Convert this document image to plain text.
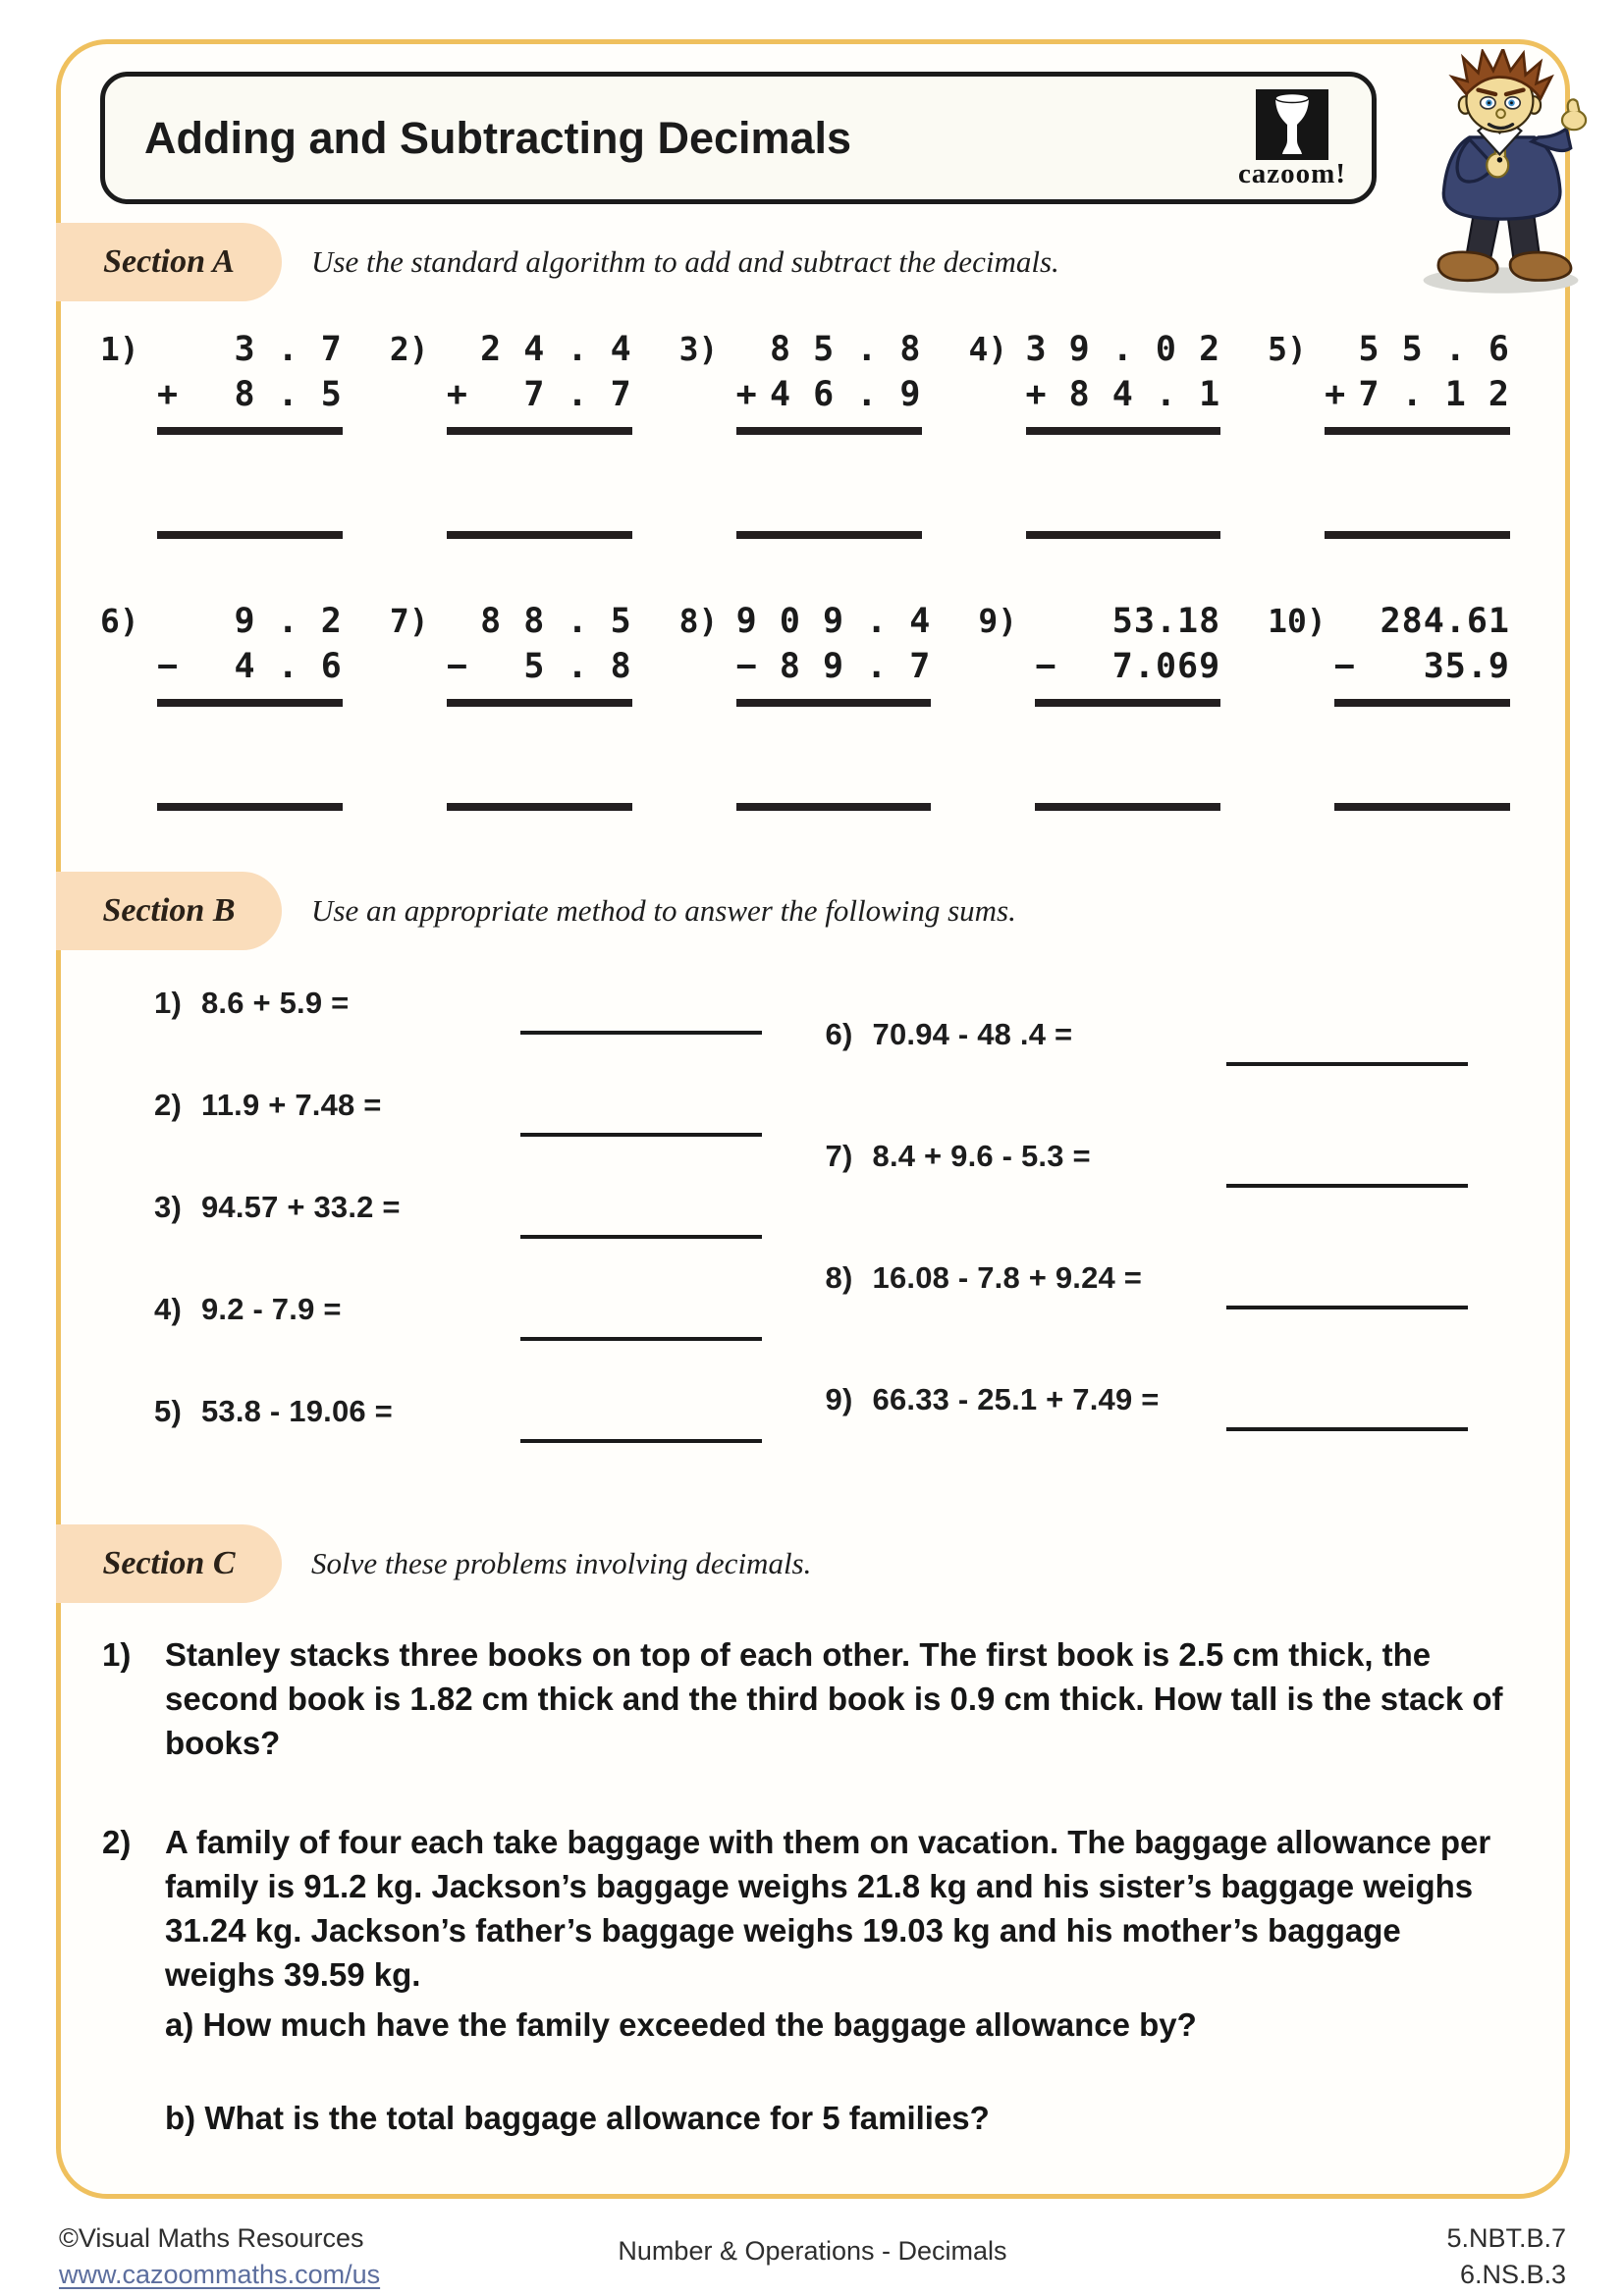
Adding and Subtracting Decimals
cazoom!
Section A	Use the standard algorithm to add and subtract the decimals.
1)	3 . 7
+ 8 . 5
2)	2 4 . 4
+ 7 . 7
3)	8 5 . 8
+ 4 6 . 9
4) 3 9 . 0 2
+ 8 4 . 1
5)	5 5 . 6
+ 7 . 1 2
6)	9 . 2
− 4 . 6
7)	8 8 . 5
− 5 . 8
8) 9 0 9 . 4
− 8 9 . 7
9)	53.18
− 7.069
10)	284.61
− 35.9
Section B Use an appropriate method to answer the following sums.
1) 8.6 + 5.9 =
2) 11.9 + 7.48 =
3) 94.57 + 33.2 =
4) 9.2 - 7.9 =
5) 53.8 - 19.06 =
6) 70.94 - 48 .4 =
7) 8.4 + 9.6 - 5.3 =
8) 16.08 - 7.8 + 9.24 =
9) 66.33 - 25.1 + 7.49 =
Section C Solve these problems involving decimals.
1)	Stanley stacks three books on top of each other. The first book is 2.5 cm thick, the second book is 1.82 cm thick and the third book is 0.9 cm thick. How tall is the stack of books?

2)	A family of four each take baggage with them on vacation. The baggage allowance per family is 91.2 kg. Jackson’s baggage weighs 21.8 kg and his sister’s baggage weighs 31.24 kg. Jackson’s father’s baggage weighs 19.03 kg and his mother’s baggage weighs 39.59 kg.

a) How much have the family exceeded the baggage allowance by?

b) What is the total baggage allowance for 5 families?

©Visual Maths Resources
www.cazoommaths.com/us
Number & Operations - Decimals	5.NBT.B.7
6.NS.B.3
